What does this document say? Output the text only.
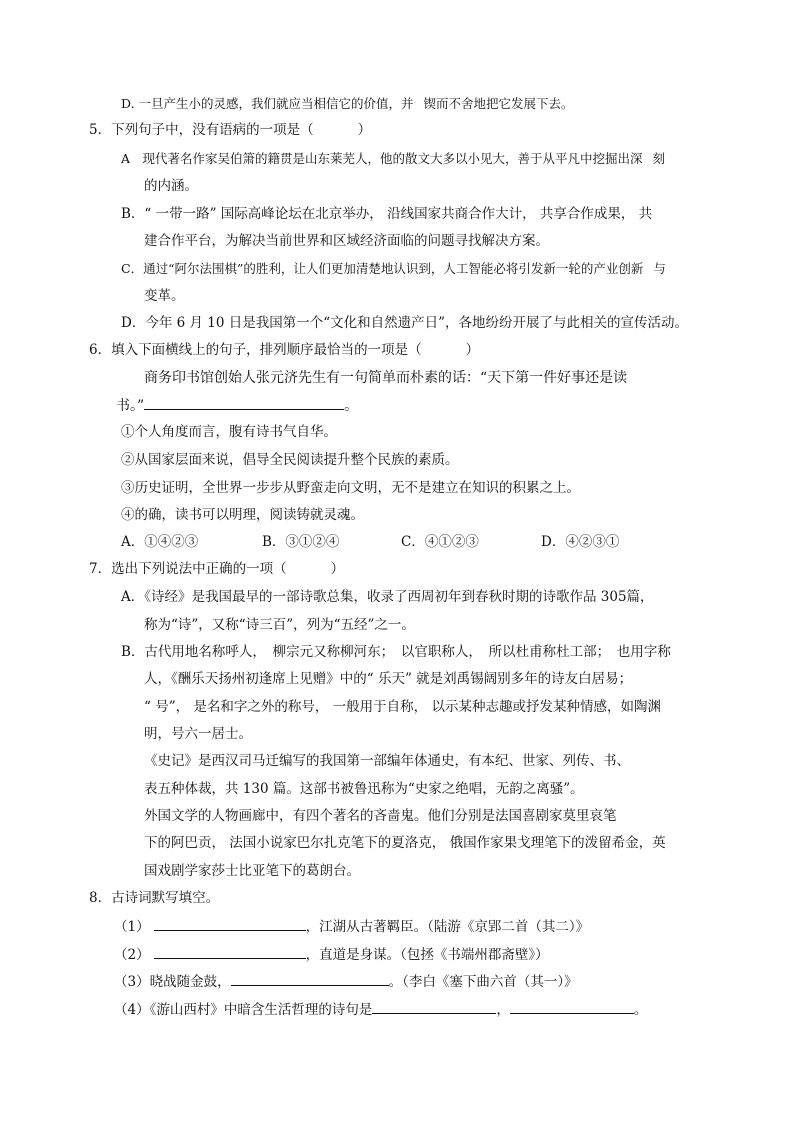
D. 一旦产生小的灵感，我们就应当相信它的价值，并 锲而不舍地把它发展下去。
5．下列句子中，没有语病的一项是（	）
A　现代著名作家吴伯箫的籍贯是山东莱芜人，他的散文大多以小见大，善于从平凡中挖掘出深 刻
的内涵。
B．“ 一带一路” 国际高峰论坛在北京举办， 沿线国家共商合作大计， 共享合作成果， 共
建合作平台，为解决当前世界和区域经济面临的问题寻找解决方案。
C．通过“阿尔法围棋”的胜利，让人们更加清楚地认识到，人工智能必将引发新一轮的产业创新 与
变革。
D．今年 6 月 10 日是我国第一个“文化和自然遗产日”，各地纷纷开展了与此相关的宣传活动。
6．填入下面横线上的句子，排列顺序最恰当的一项是（	）
商务印书馆创始人张元济先生有一句简单而朴素的话：“天下第一件好事还是读
书。”	。
①个人角度而言，腹有诗书气自华。
②从国家层面来说，倡导全民阅读提升整个民族的素质。
③历史证明，全世界一步步从野蛮走向文明，无不是建立在知识的积累之上。
④的确，读书可以明理，阅读铸就灵魂。
A．①④②③	B．③①②④	C．④①②③	D．④②③①
7．选出下列说法中正确的一项（	）
A．《诗经》是我国最早的一部诗歌总集，收录了西周初年到春秋时期的诗歌作品 305篇，
称为“诗”，又称“诗三百”，列为“五经”之一。
B．古代用地名称呼人，　柳宗元又称柳河东；　以官职称人，　所以杜甫称杜工部；　也用字称
人，《酬乐天扬州初逢席上见赠》中的“ 乐天” 就是刘禹锡阔别多年的诗友白居易；
“ 号”， 是名和字之外的称号， 一般用于自称， 以示某种志趣或抒发某种情感，如陶渊
明，号六一居士。
《史记》是西汉司马迁编写的我国第一部编年体通史，有本纪、世家、列传、书、
表五种体裁，共 130 篇。这部书被鲁迅称为“史家之绝唱，无韵之离骚”。
外国文学的人物画廊中，有四个著名的吝啬鬼。他们分别是法国喜剧家莫里哀笔
下的阿巴贡， 法国小说家巴尔扎克笔下的夏洛克， 俄国作家果戈理笔下的泼留希金，英
国戏剧学家莎士比亚笔下的葛朗台。
8．古诗词默写填空。
（1）	，江湖从古著羁臣。（陆游《京郢二首（其二）》
（2）	，直道是身谋。（包拯《书端州郡斋壁》）
（3）晓战随金鼓，	。（李白《塞下曲六首（其一）》
（4）《游山西村》中暗含生活哲理的诗句是	，	。
